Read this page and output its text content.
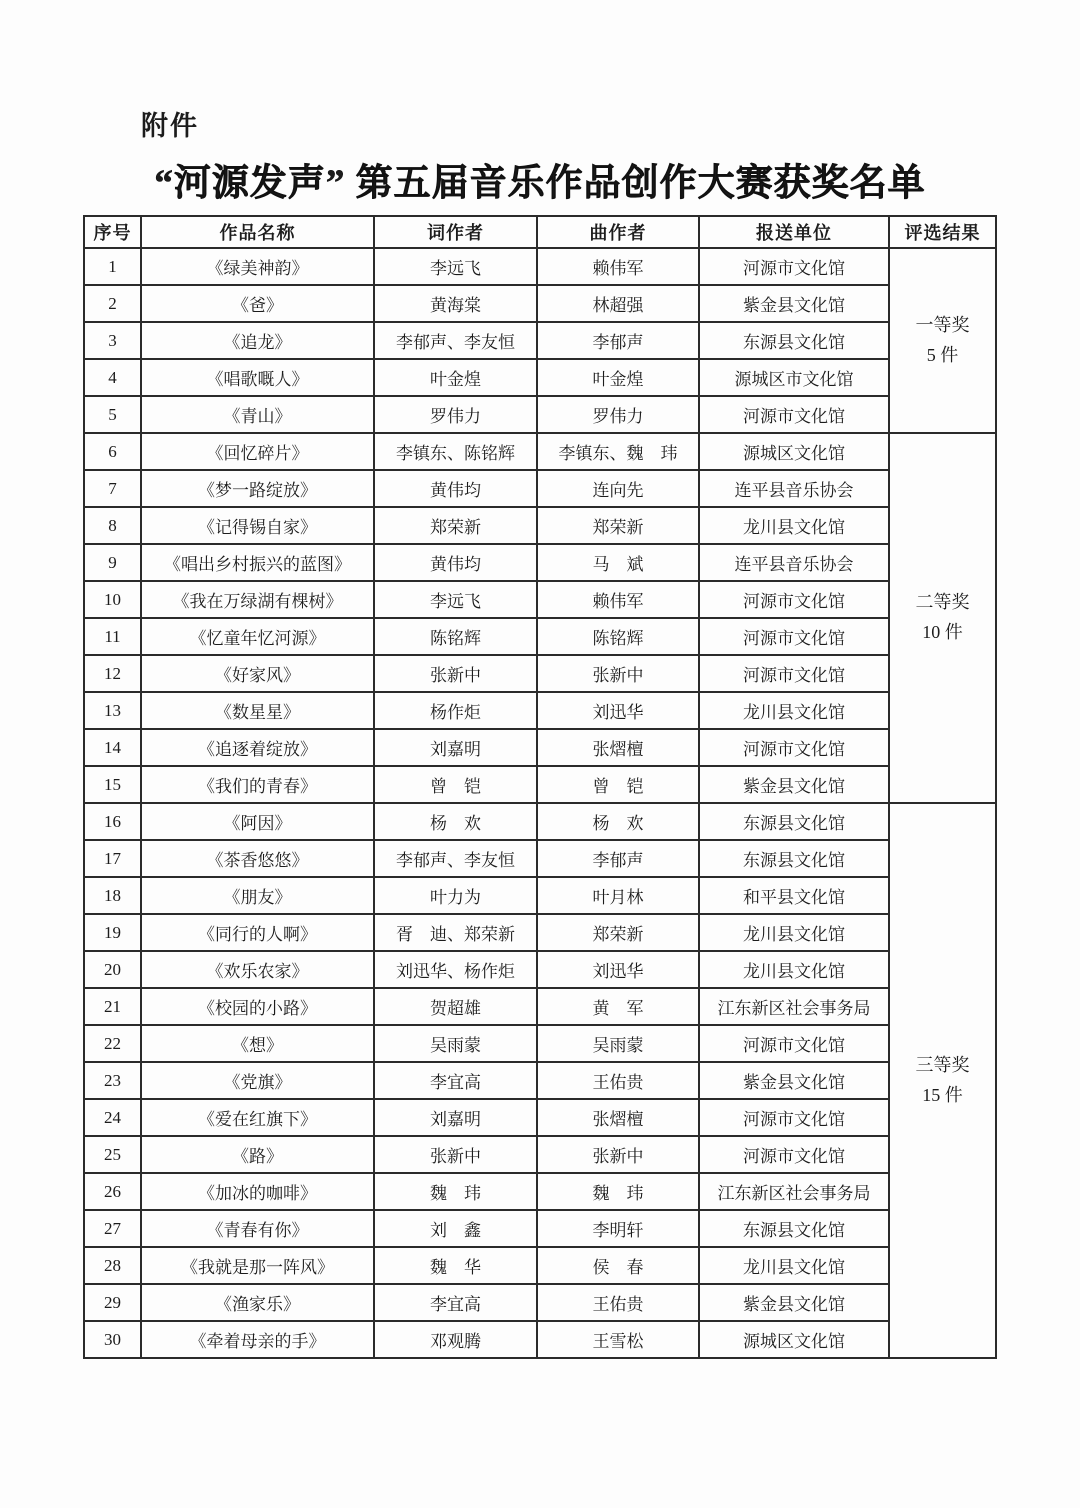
附件
“河源发声” 第五届音乐作品创作大赛获奖名单
序号	作品名称	词作者	曲作者	报送单位	评选结果
1	《绿美神韵》	李远飞	赖伟军	河源市文化馆	一等奖
5 件

2	《爸》	黄海棠	林超强	紫金县文化馆	
3	《追龙》	李郁声、李友恒	李郁声	东源县文化馆	
4	《唱歌嘅人》	叶金煌	叶金煌	源城区市文化馆	
5	《青山》	罗伟力	罗伟力	河源市文化馆	
6	《回忆碎片》	李镇东、陈铭辉	李镇东、魏　玮	源城区文化馆	二等奖
10 件

7	《梦一路绽放》	黄伟均	连向先	连平县音乐协会	
8	《记得锡自家》	郑荣新	郑荣新	龙川县文化馆	
9	《唱出乡村振兴的蓝图》	黄伟均	马　斌	连平县音乐协会	
10	《我在万绿湖有棵树》	李远飞	赖伟军	河源市文化馆	
11	《忆童年忆河源》	陈铭辉	陈铭辉	河源市文化馆	
12	《好家风》	张新中	张新中	河源市文化馆	
13	《数星星》	杨作炬	刘迅华	龙川县文化馆	
14	《追逐着绽放》	刘嘉明	张熠檀	河源市文化馆	
15	《我们的青春》	曾　铠	曾　铠	紫金县文化馆	
16	《阿因》	杨　欢	杨　欢	东源县文化馆	三等奖
15 件

17	《茶香悠悠》	李郁声、李友恒	李郁声	东源县文化馆	
18	《朋友》	叶力为	叶月林	和平县文化馆	
19	《同行的人啊》	胥　迪、郑荣新	郑荣新	龙川县文化馆	
20	《欢乐农家》	刘迅华、杨作炬	刘迅华	龙川县文化馆	
21	《校园的小路》	贺超雄	黄　军	江东新区社会事务局	
22	《想》	吴雨蒙	吴雨蒙	河源市文化馆	
23	《党旗》	李宜高	王佑贵	紫金县文化馆	
24	《爱在红旗下》	刘嘉明	张熠檀	河源市文化馆	
25	《路》	张新中	张新中	河源市文化馆	
26	《加冰的咖啡》	魏　玮	魏　玮	江东新区社会事务局	
27	《青春有你》	刘　鑫	李明轩	东源县文化馆	
28	《我就是那一阵风》	魏　华	侯　春	龙川县文化馆	
29	《渔家乐》	李宜高	王佑贵	紫金县文化馆	
30	《牵着母亲的手》	邓观腾	王雪松	源城区文化馆	
